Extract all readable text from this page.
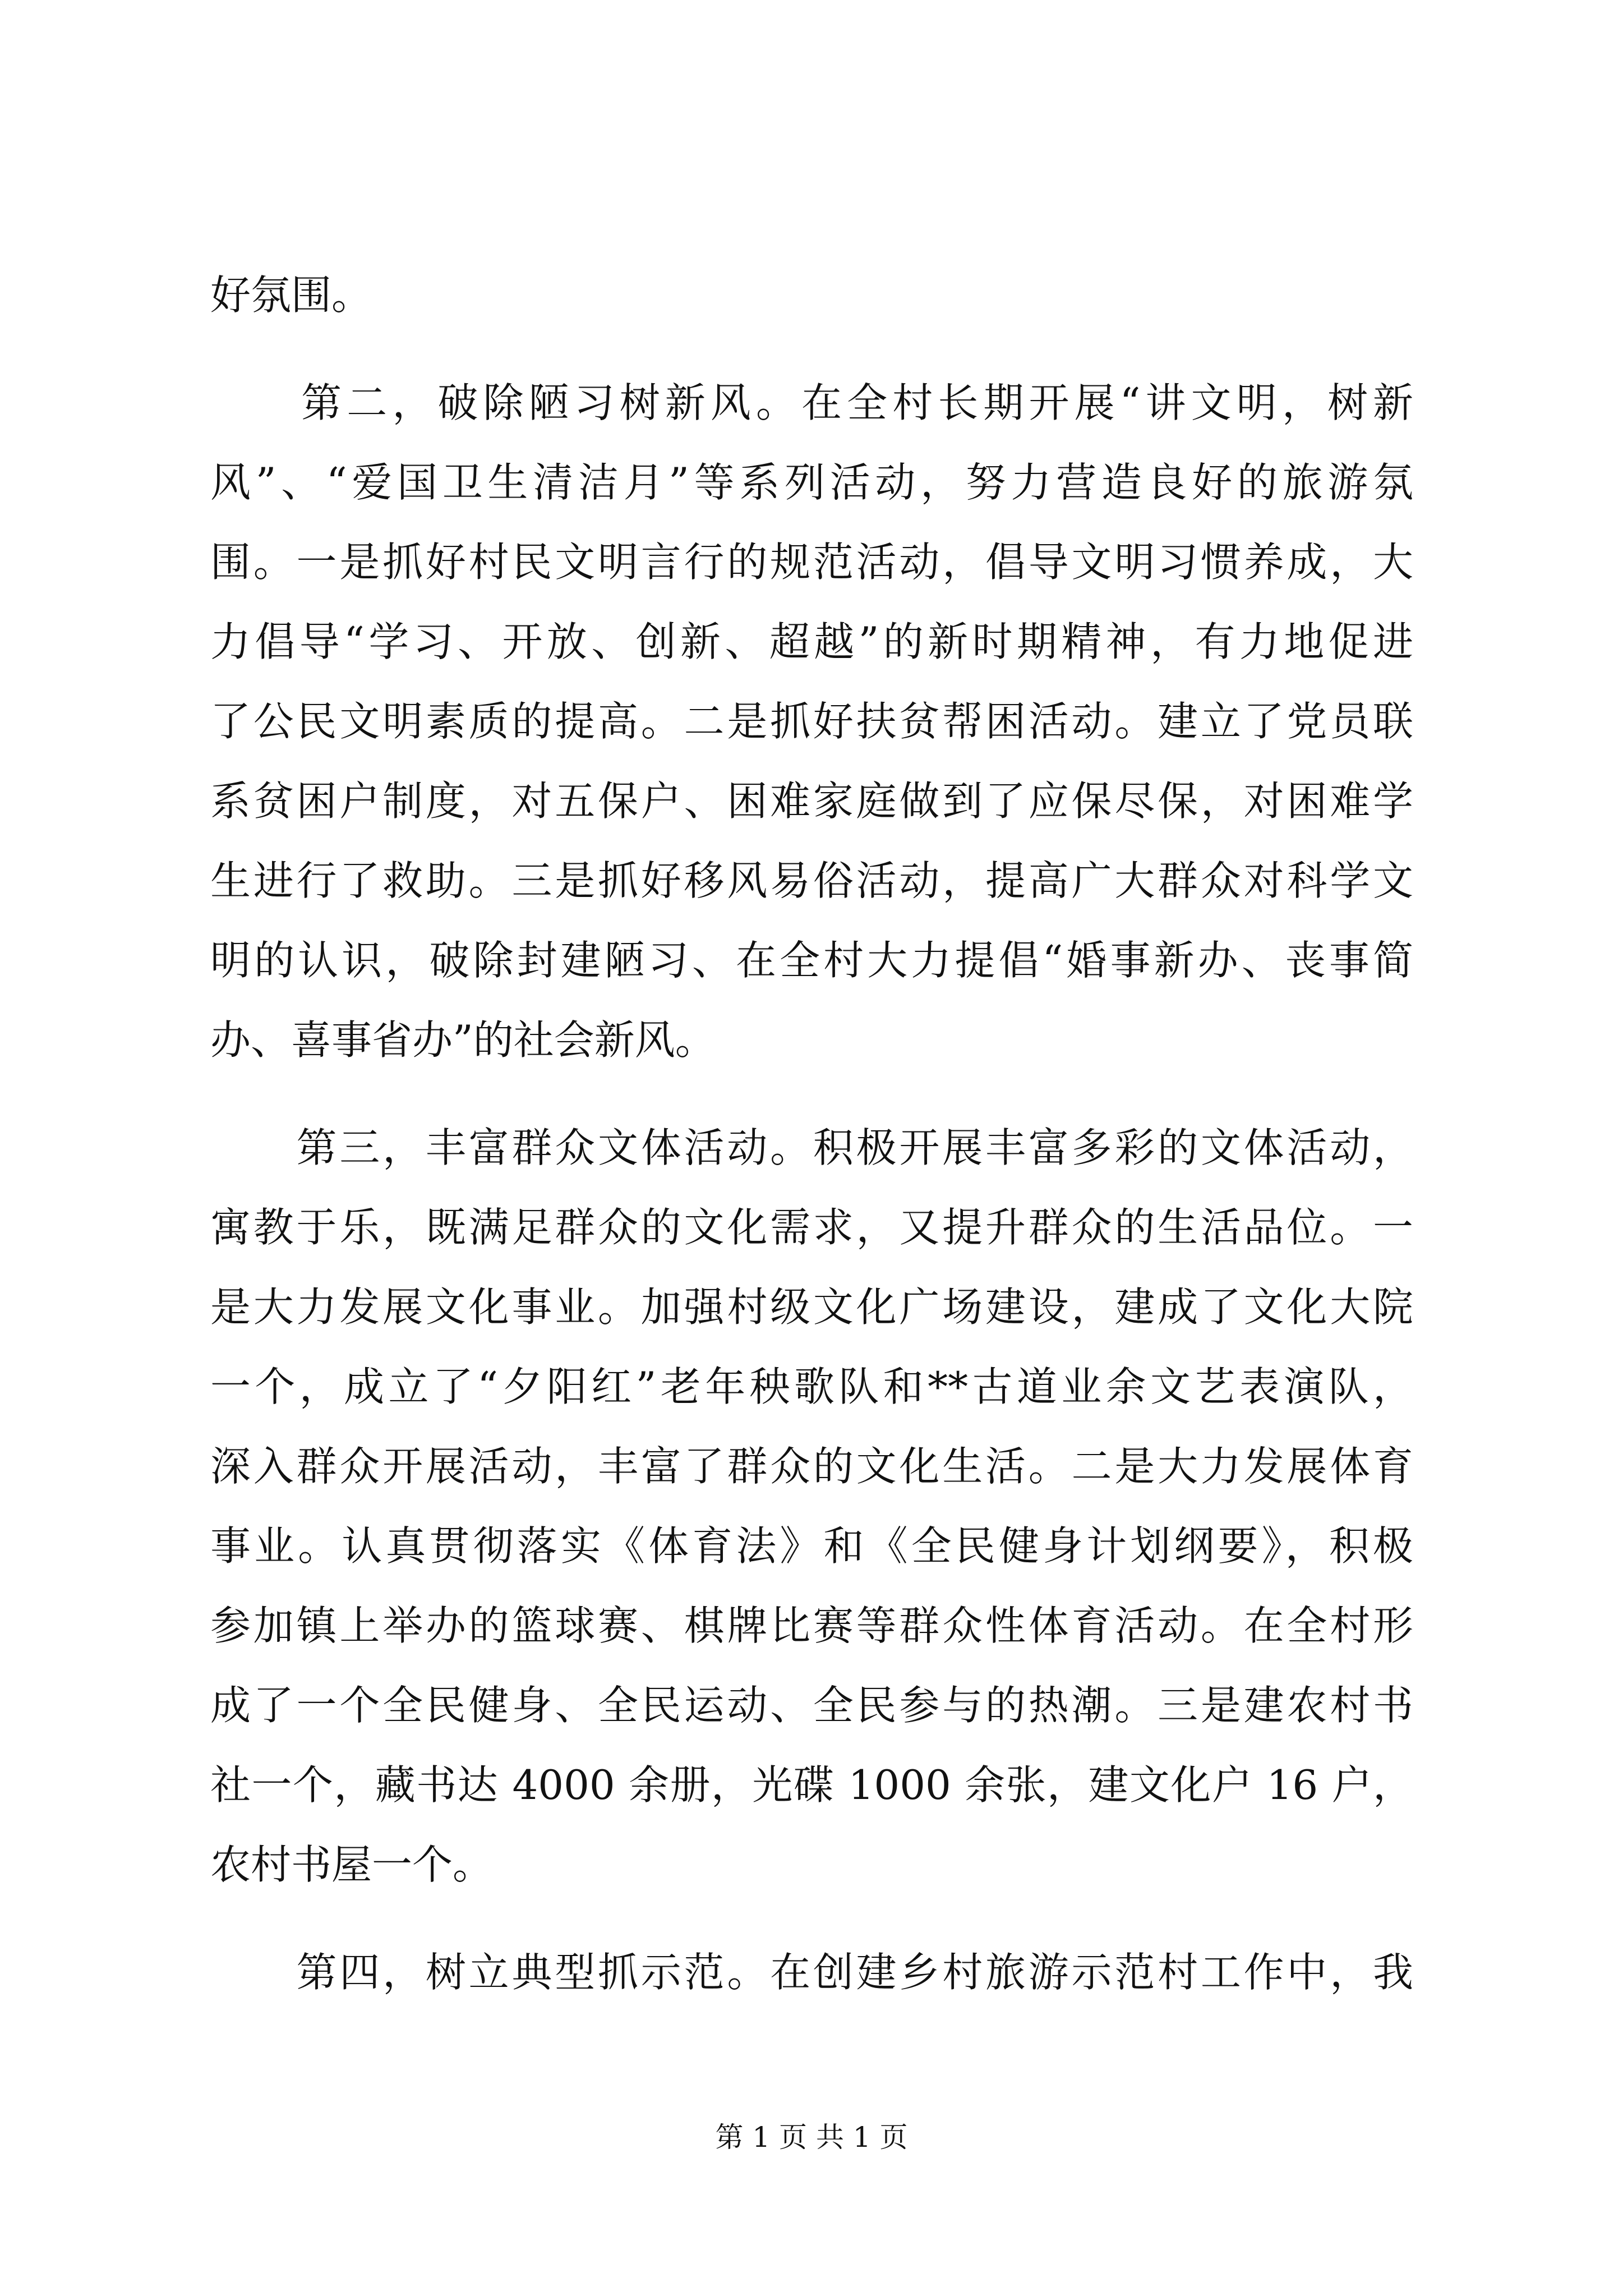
好氛围。
　　第二，破除陋习树新风。在全村长期开展“讲文明，树新
风”、“爱国卫生清洁月”等系列活动，努力营造良好的旅游氛
围。一是抓好村民文明言行的规范活动，倡导文明习惯养成，大
力倡导“学习、开放、创新、超越”的新时期精神，有力地促进
了公民文明素质的提高。二是抓好扶贫帮困活动。建立了党员联
系贫困户制度，对五保户、困难家庭做到了应保尽保，对困难学
生进行了救助。三是抓好移风易俗活动，提高广大群众对科学文
明的认识，破除封建陋习、在全村大力提倡“婚事新办、丧事简
办、喜事省办”的社会新风。
　　第三，丰富群众文体活动。积极开展丰富多彩的文体活动，
寓教于乐，既满足群众的文化需求，又提升群众的生活品位。一
是大力发展文化事业。加强村级文化广场建设，建成了文化大院
一个，成立了“夕阳红”老年秧歌队和**古道业余文艺表演队，
深入群众开展活动，丰富了群众的文化生活。二是大力发展体育
事业。认真贯彻落实《体育法》和《全民健身计划纲要》，积极
参加镇上举办的篮球赛、棋牌比赛等群众性体育活动。在全村形
成了一个全民健身、全民运动、全民参与的热潮。三是建农村书
社一个，藏书达 4000 余册，光碟 1000 余张，建文化户 16 户，
农村书屋一个。
　　第四，树立典型抓示范。在创建乡村旅游示范村工作中，我
第 1 页 共 1 页
